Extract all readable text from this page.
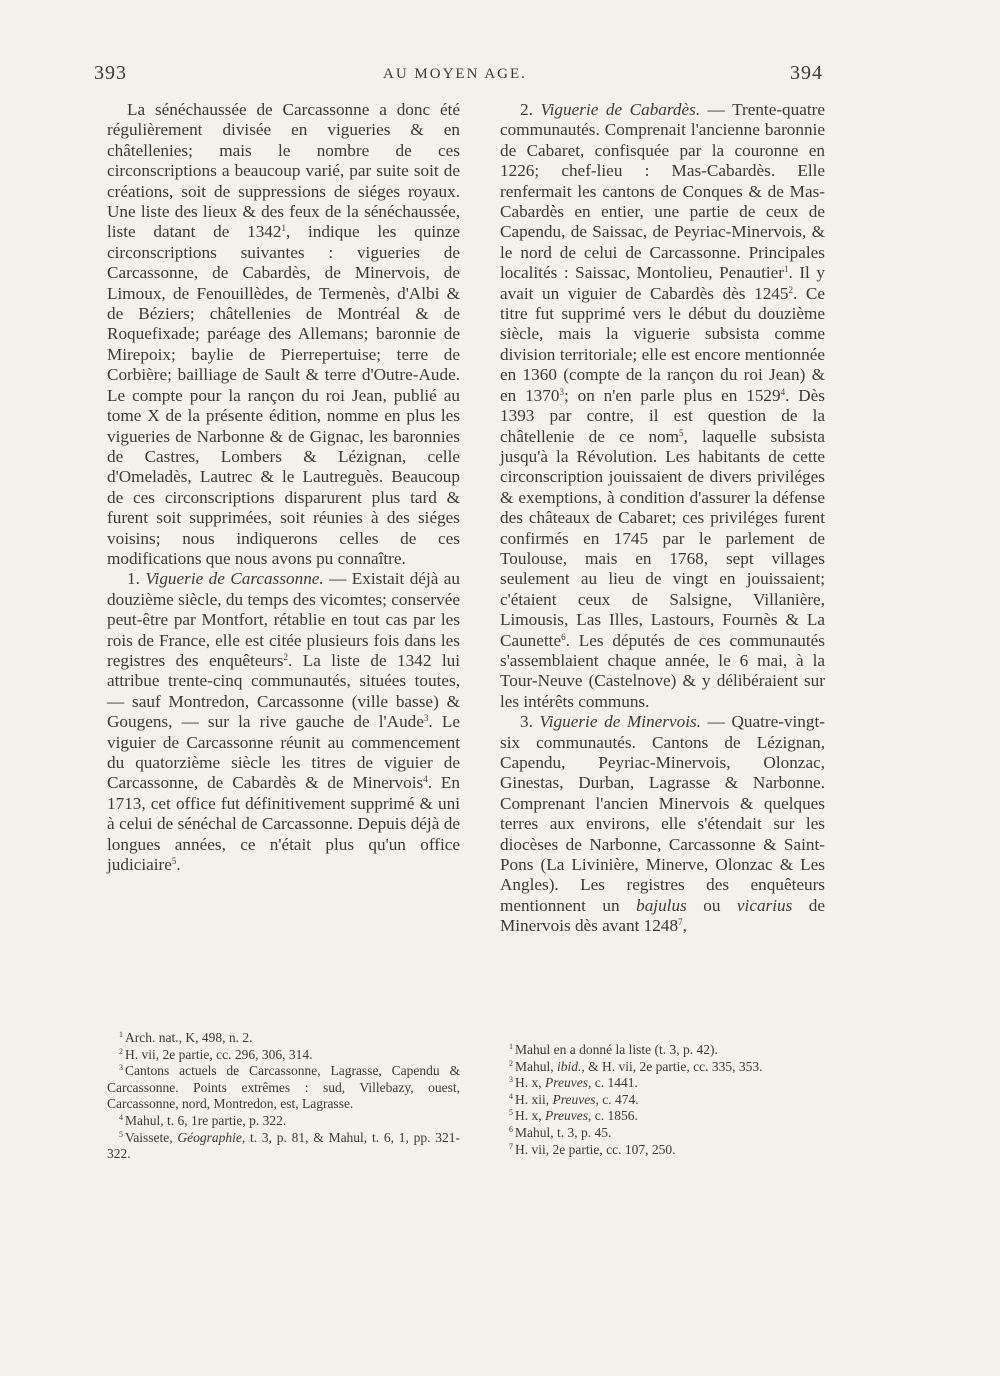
393	AU MOYEN AGE.	394

La sénéchaussée de Carcassonne a donc été régulièrement divisée en vigueries & en châtellenies; mais le nombre de ces circonscriptions a beaucoup varié, par suite soit de créations, soit de suppressions de siéges royaux. Une liste des lieux & des feux de la sénéchaussée, liste datant de 1342$^1$, indique les quinze circonscriptions suivantes : vigueries de Carcassonne, de Cabardès, de Minervois, de Limoux, de Fenouillèdes, de Termenès, d'Albi & de Béziers; châtellenies de Montréal & de Roquefixade; paréage des Allemans; baronnie de Mirepoix; baylie de Pierrepertuise; terre de Corbière; bailliage de Sault & terre d'Outre-Aude. Le compte pour la rançon du roi Jean, publié au tome X de la présente édition, nomme en plus les vigueries de Narbonne & de Gignac, les baronnies de Castres, Lombers & Lézignan, celle d'Omeladès, Lautrec & le Lautreguès. Beaucoup de ces circonscriptions disparurent plus tard & furent soit supprimées, soit réunies à des siéges voisins; nous indiquerons celles de ces modifications que nous avons pu connaître.

1. Viguerie de Carcassonne. — Existait déjà au douzième siècle, du temps des vicomtes; conservée peut-être par Montfort, rétablie en tout cas par les rois de France, elle est citée plusieurs fois dans les registres des enquêteurs$^2$. La liste de 1342 lui attribue trente-cinq communautés, situées toutes, — sauf Montredon, Carcassonne (ville basse) & Gougens, — sur la rive gauche de l'Aude$^3$. Le viguier de Carcassonne réunit au commencement du quatorzième siècle les titres de viguier de Carcassonne, de Cabardès & de Minervois$^4$. En 1713, cet office fut définitivement supprimé & uni à celui de sénéchal de Carcassonne. Depuis déjà de longues années, ce n'était plus qu'un office judiciaire$^5$.

2. Viguerie de Cabardès. — Trente-quatre communautés. Comprenait l'ancienne baronnie de Cabaret, confisquée par la couronne en 1226; chef-lieu : Mas-Cabardès. Elle renfermait les cantons de Conques & de Mas-Cabardès en entier, une partie de ceux de Capendu, de Saissac, de Peyriac-Minervois, & le nord de celui de Carcassonne. Principales localités : Saissac, Montolieu, Penautier$^1$. Il y avait un viguier de Cabardès dès 1245$^2$. Ce titre fut supprimé vers le début du douzième siècle, mais la viguerie subsista comme division territoriale; elle est encore mentionnée en 1360 (compte de la rançon du roi Jean) & en 1370$^3$; on n'en parle plus en 1529$^4$. Dès 1393 par contre, il est question de la châtellenie de ce nom$^5$, laquelle subsista jusqu'à la Révolution. Les habitants de cette circonscription jouissaient de divers priviléges & exemptions, à condition d'assurer la défense des châteaux de Cabaret; ces priviléges furent confirmés en 1745 par le parlement de Toulouse, mais en 1768, sept villages seulement au lieu de vingt en jouissaient; c'étaient ceux de Salsigne, Villanière, Limousis, Las Illes, Lastours, Fournès & La Caunette$^6$. Les députés de ces communautés s'assemblaient chaque année, le 6 mai, à la Tour-Neuve (Castelnove) & y délibéraient sur les intérêts communs.

3. Viguerie de Minervois. — Quatre-vingt-six communautés. Cantons de Lézignan, Capendu, Peyriac-Minervois, Olonzac, Ginestas, Durban, Lagrasse & Narbonne. Comprenant l'ancien Minervois & quelques terres aux environs, elle s'étendait sur les diocèses de Narbonne, Carcassonne & Saint-Pons (La Livinière, Minerve, Olonzac & Les Angles). Les registres des enquêteurs mentionnent un bajulus ou vicarius de Minervois dès avant 1248$^7$,

$^1$ Arch. nat., K, 498, n. 2.
$^2$ H. vii, 2e partie, cc. 296, 306, 314.
$^3$ Cantons actuels de Carcassonne, Lagrasse, Capendu & Carcassonne. Points extrêmes : sud, Villebazy, ouest, Carcassonne, nord, Montredon, est, Lagrasse.
$^4$ Mahul, t. 6, 1re partie, p. 322.
$^5$ Vaissete, Géographie, t. 3, p. 81, & Mahul, t. 6, 1, pp. 321-322.
$^1$ Mahul en a donné la liste (t. 3, p. 42).
$^2$ Mahul, ibid., & H. vii, 2e partie, cc. 335, 353.
$^3$ H. x, Preuves, c. 1441.
$^4$ H. xii, Preuves, c. 474.
$^5$ H. x, Preuves, c. 1856.
$^6$ Mahul, t. 3, p. 45.
$^7$ H. vii, 2e partie, cc. 107, 250.
